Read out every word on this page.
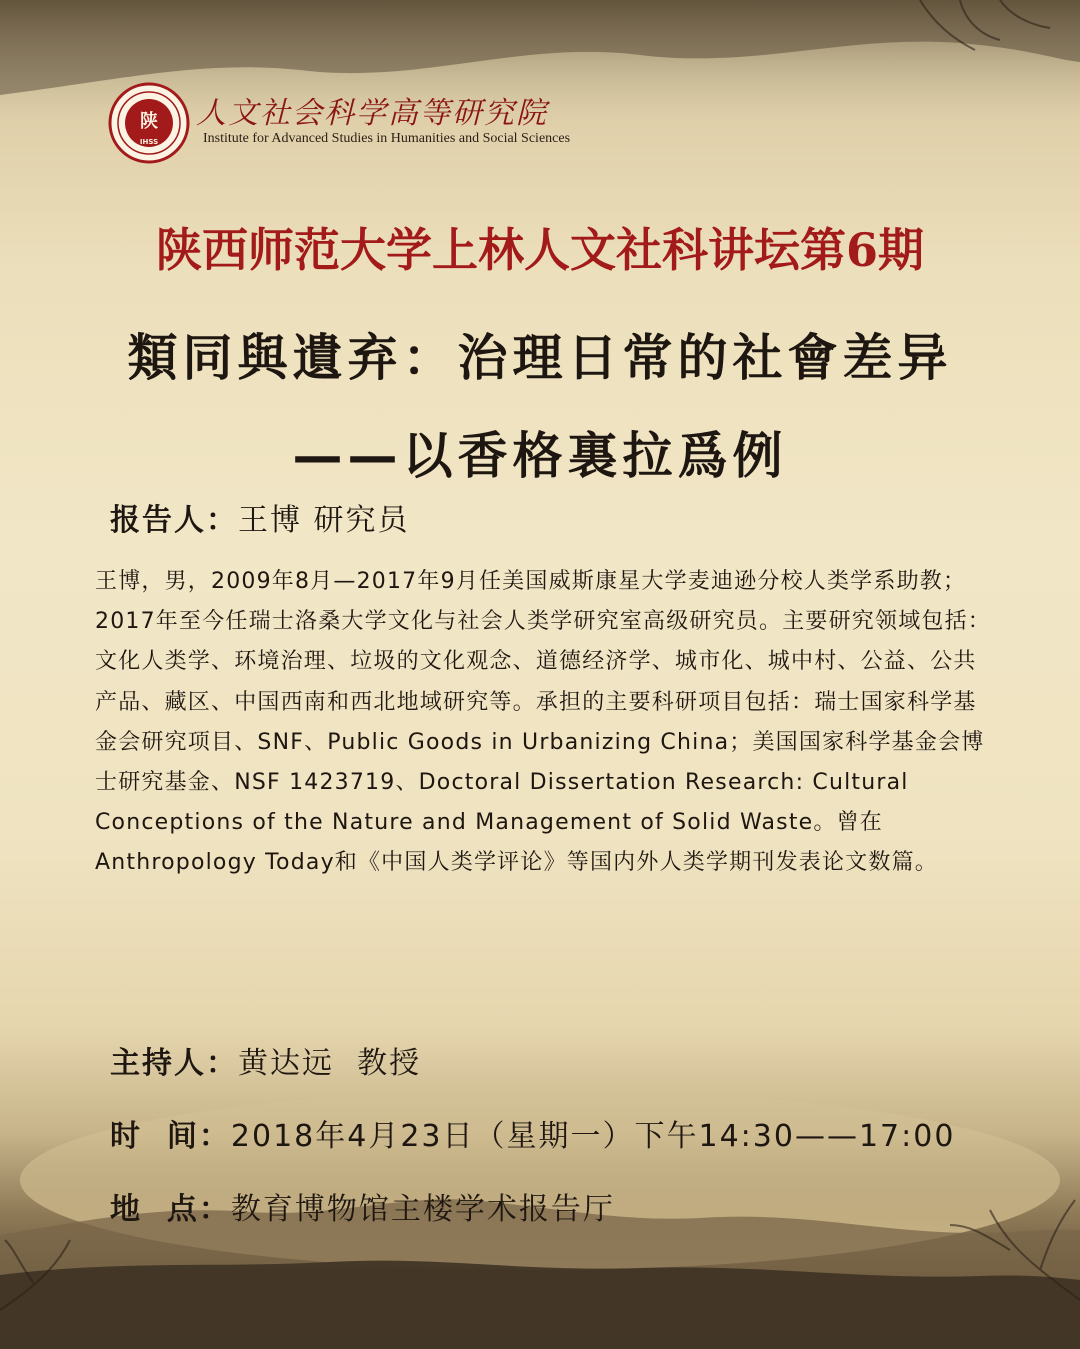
陕
IHSS

人文社会科学高等研究院

Institute for Advanced Studies in Humanities and Social Sciences

陕西师范大学上林人文社科讲坛第6期
類同與遺弃：治理日常的社會差异
——以香格裏拉爲例

报告人：王博 研究员

王博，男，2009年8月—2017年9月任美国威斯康星大学麦迪逊分校人类学系助教；2017年至今任瑞士洛桑大学文化与社会人类学研究室高级研究员。主要研究领域包括：文化人类学、环境治理、垃圾的文化观念、道德经济学、城市化、城中村、公益、公共产品、藏区、中国西南和西北地域研究等。承担的主要科研项目包括：瑞士国家科学基金会研究项目、SNF、Public Goods in Urbanizing China；美国国家科学基金会博士研究基金、NSF 1423719、Doctoral Dissertation Research: Cultural Conceptions of the Nature and Management of Solid Waste。曾在Anthropology Today和《中国人类学评论》等国内外人类学期刊发表论文数篇。

主持人：黄达远  教授

时  间：2018年4月23日（星期一）下午14:30——17:00

地  点：教育博物馆主楼学术报告厅
